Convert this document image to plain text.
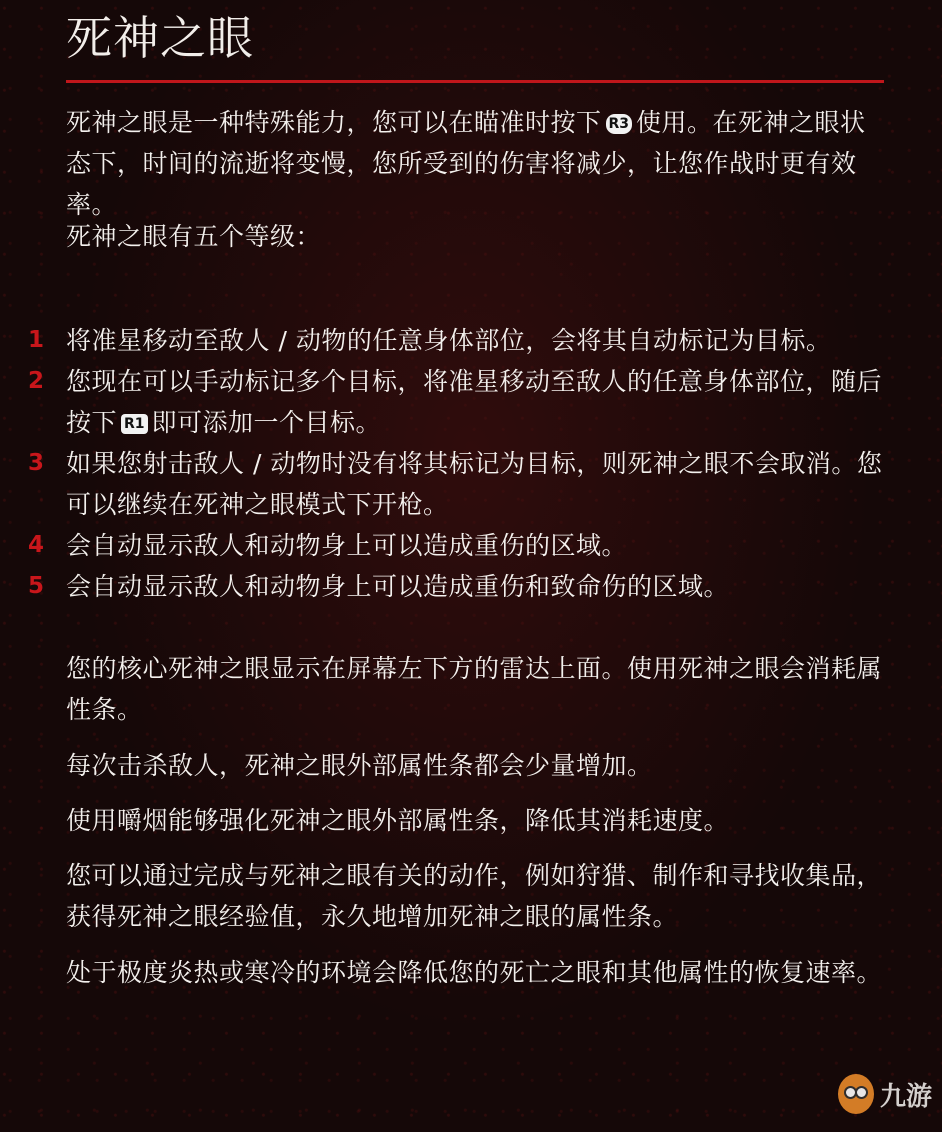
死神之眼

死神之眼是一种特殊能力，您可以在瞄准时按下 R3 使用。在死神之眼状态下，时间的流逝将变慢，您所受到的伤害将减少，让您作战时更有效率。

死神之眼有五个等级：

1 将准星移动至敌人 / 动物的任意身体部位，会将其自动标记为目标。
2 您现在可以手动标记多个目标，将准星移动至敌人的任意身体部位，随后按下 R1 即可添加一个目标。
3 如果您射击敌人 / 动物时没有将其标记为目标，则死神之眼不会取消。您可以继续在死神之眼模式下开枪。
4 会自动显示敌人和动物身上可以造成重伤的区域。
5 会自动显示敌人和动物身上可以造成重伤和致命伤的区域。

您的核心死神之眼显示在屏幕左下方的雷达上面。使用死神之眼会消耗属性条。

每次击杀敌人，死神之眼外部属性条都会少量增加。

使用嚼烟能够强化死神之眼外部属性条，降低其消耗速度。

您可以通过完成与死神之眼有关的动作，例如狩猎、制作和寻找收集品，获得死神之眼经验值，永久地增加死神之眼的属性条。

处于极度炎热或寒冷的环境会降低您的死亡之眼和其他属性的恢复速率。

九游
